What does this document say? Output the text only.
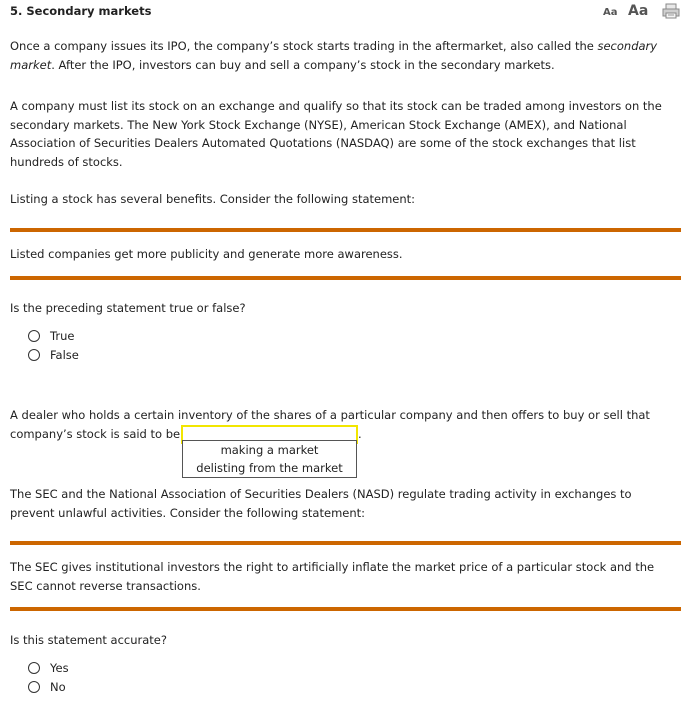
5. Secondary markets	Aa Aa
Once a company issues its IPO, the company’s stock starts trading in the aftermarket, also called the secondary market. After the IPO, investors can buy and sell a company’s stock in the secondary markets.
A company must list its stock on an exchange and qualify so that its stock can be traded among investors on the secondary markets. The New York Stock Exchange (NYSE), American Stock Exchange (AMEX), and National Association of Securities Dealers Automated Quotations (NASDAQ) are some of the stock exchanges that list hundreds of stocks.
Listing a stock has several benefits. Consider the following statement:
Listed companies get more publicity and generate more awareness.
Is the preceding statement true or false?
True
False
A dealer who holds a certain inventory of the shares of a particular company and then offers to buy or sell that company’s stock is said to be	.
making a market
delisting from the market
The SEC and the National Association of Securities Dealers (NASD) regulate trading activity in exchanges to prevent unlawful activities. Consider the following statement:
The SEC gives institutional investors the right to artificially inflate the market price of a particular stock and the SEC cannot reverse transactions.
Is this statement accurate?
Yes
No
